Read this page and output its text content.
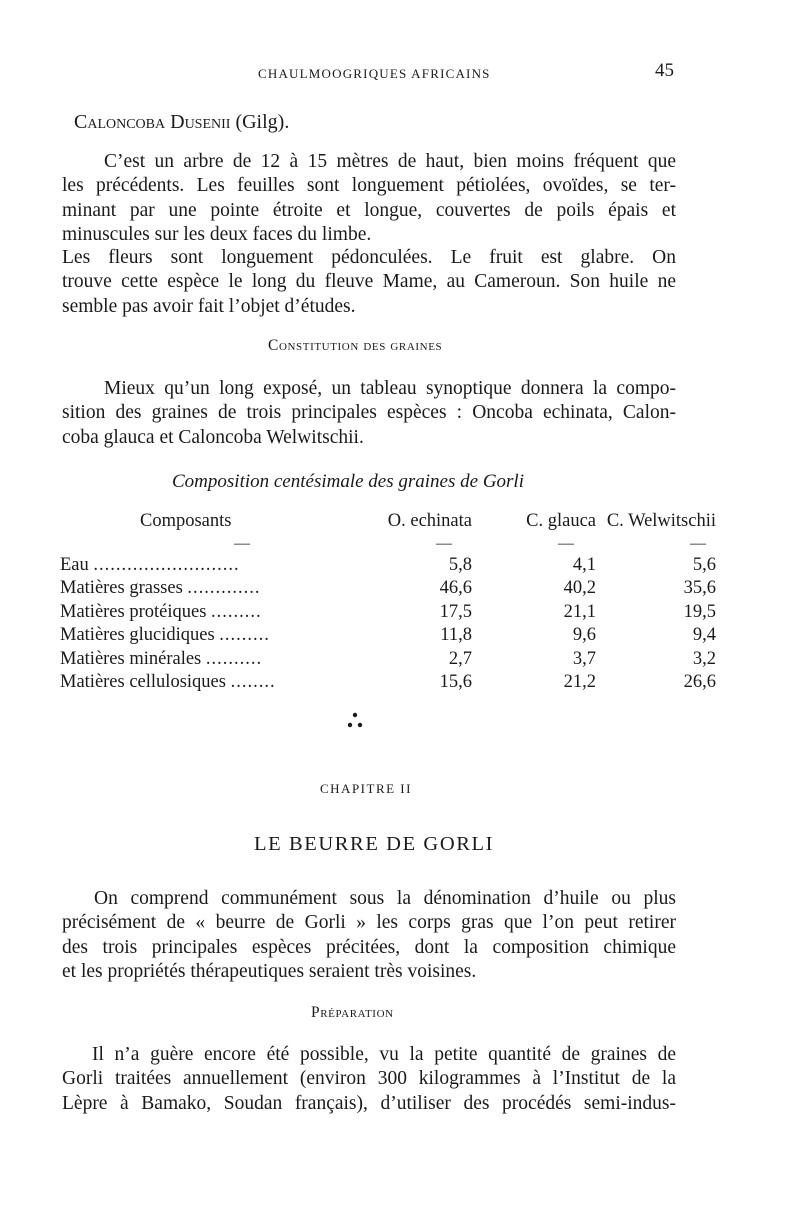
CHAULMOOGRIQUES AFRICAINS	45
Caloncoba Dusenii (Gilg).
C’est un arbre de 12 à 15 mètres de haut, bien moins fréquent que
les précédents. Les feuilles sont longuement pétiolées, ovoïdes, se ter-
minant par une pointe étroite et longue, couvertes de poils épais et
minuscules sur les deux faces du limbe.
Les fleurs sont longuement pédonculées. Le fruit est glabre. On
trouve cette espèce le long du fleuve Mame, au Cameroun. Son huile ne
semble pas avoir fait l’objet d’études.
Constitution des graines
Mieux qu’un long exposé, un tableau synoptique donnera la compo-
sition des graines de trois principales espèces : Oncoba echinata, Calon-
coba glauca et Caloncoba Welwitschii.
Composition centésimale des graines de Gorli
Composants	O. echinata	C. glauca	C. Welwitschii
—	—	—	—
Eau ..........................	5,8	4,1	5,6
Matières grasses .............	46,6	40,2	35,6
Matières protéiques .........	17,5	21,1	19,5
Matières glucidiques .........	11,8	9,6	9,4
Matières minérales ..........	2,7	3,7	3,2
Matières cellulosiques ........	15,6	21,2	26,6
CHAPITRE II
LE BEURRE DE GORLI
On comprend communément sous la dénomination d’huile ou plus
précisément de « beurre de Gorli » les corps gras que l’on peut retirer
des trois principales espèces précitées, dont la composition chimique
et les propriétés thérapeutiques seraient très voisines.
Préparation
Il n’a guère encore été possible, vu la petite quantité de graines de
Gorli traitées annuellement (environ 300 kilogrammes à l’Institut de la
Lèpre à Bamako, Soudan français), d’utiliser des procédés semi-indus-
